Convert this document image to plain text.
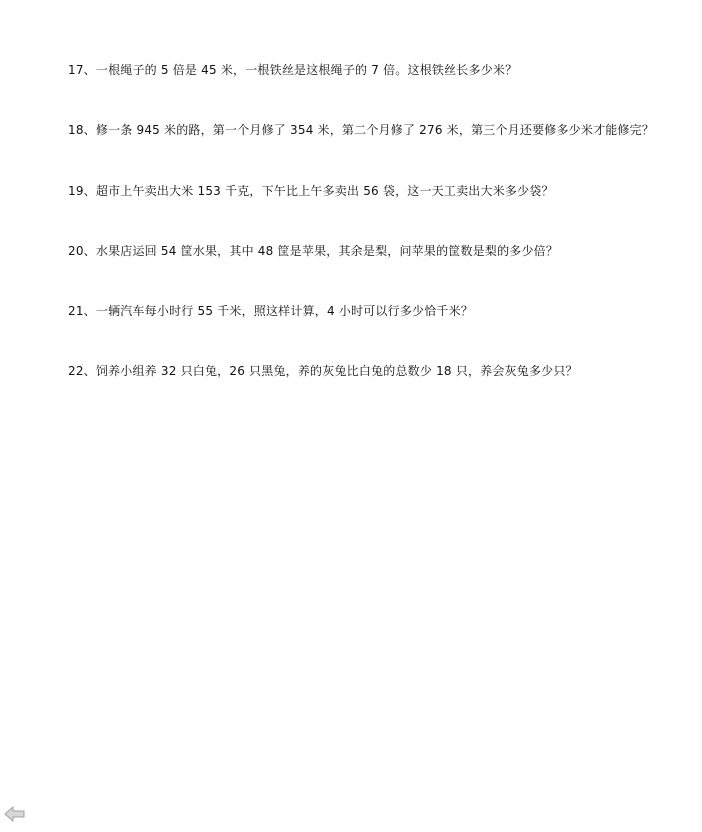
17、一根绳子的 5 倍是 45 米，一根铁丝是这根绳子的 7 倍。这根铁丝长多少米？
18、修一条 945 米的路，第一个月修了 354 米，第二个月修了 276 米，第三个月还要修多少米才能修完？
19、超市上午卖出大米 153 千克，下午比上午多卖出 56 袋，这一天工卖出大米多少袋？
20、水果店运回 54 筐水果，其中 48 筐是苹果，其余是梨，问苹果的筐数是梨的多少倍？
21、一辆汽车每小时行 55 千米，照这样计算，4 小时可以行多少恰千米？
22、饲养小组养 32 只白兔，26 只黑兔，养的灰兔比白兔的总数少 18 只，养会灰兔多少只？
